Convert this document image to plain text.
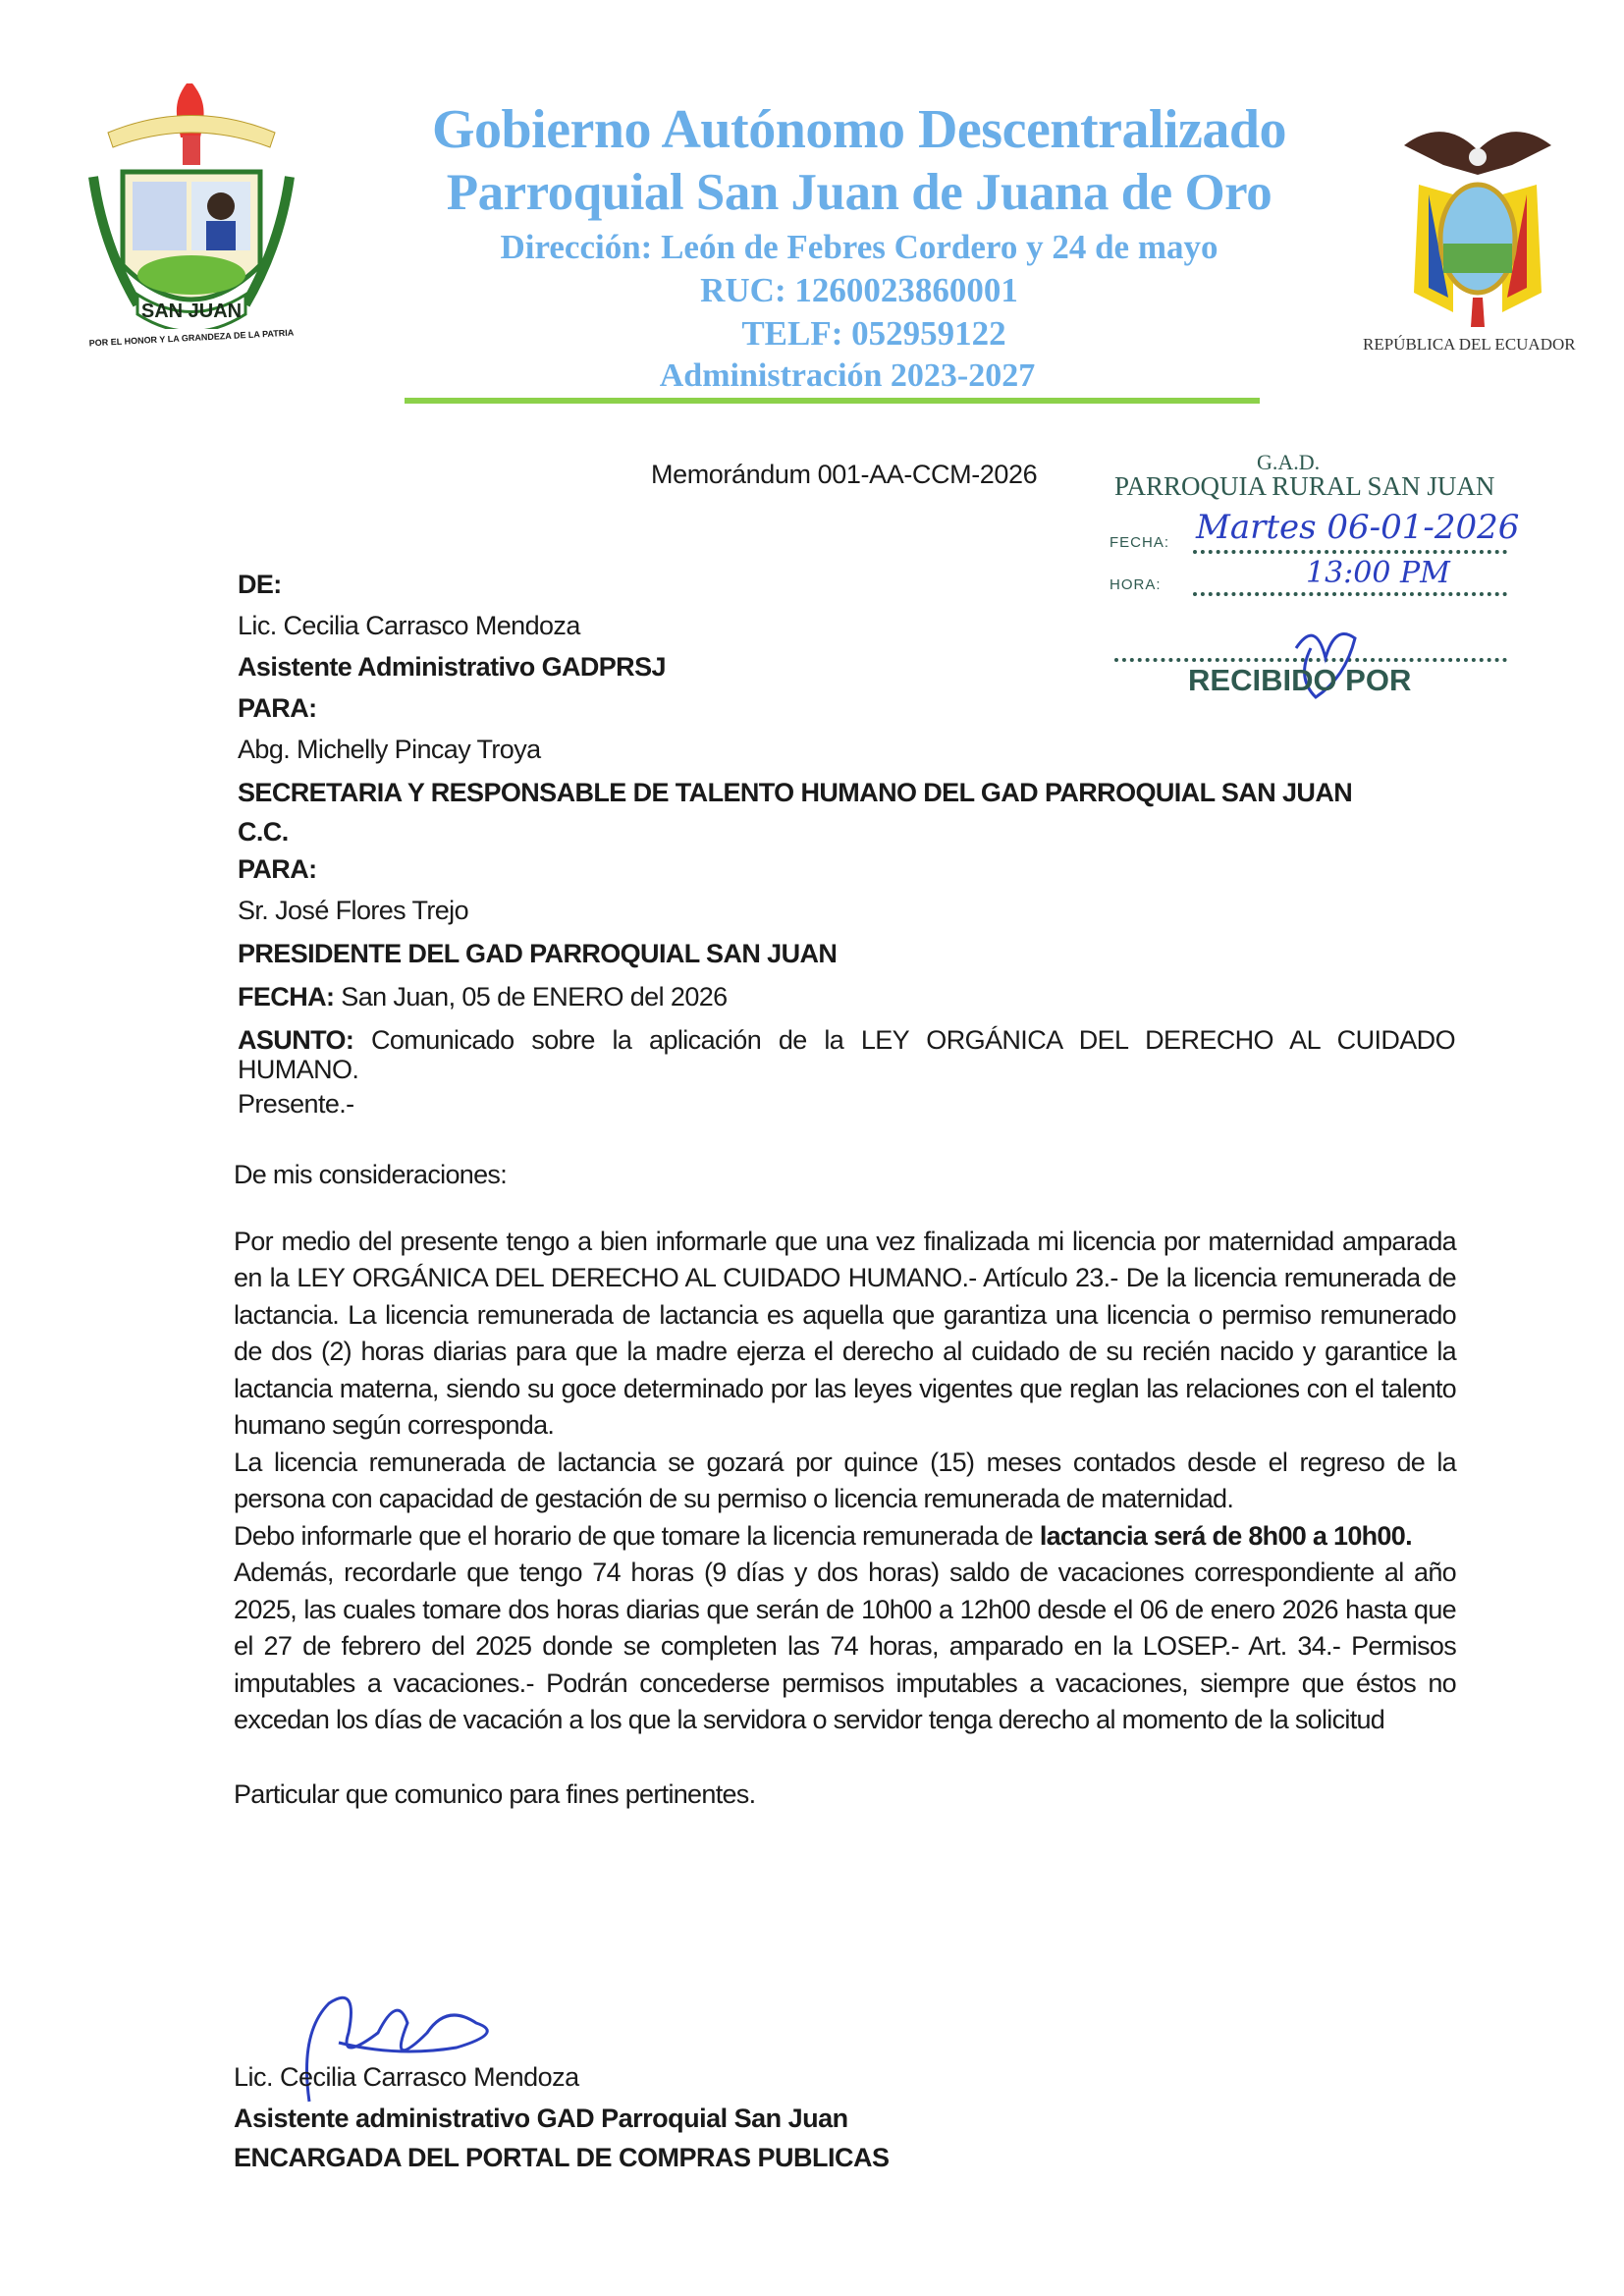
SAN JUAN
POR EL HONOR Y LA GRANDEZA DE LA PATRIA
Gobierno Autónomo Descentralizado
Parroquial San Juan de Juana de Oro
Dirección: León de Febres Cordero y 24 de mayo
RUC: 1260023860001
TELF: 052959122
Administración 2023-2027
REPÚBLICA DEL ECUADOR
Memorándum 001-AA-CCM-2026	G.A.D.
PARROQUIA RURAL SAN JUAN
FECHA: Martes 06-01-2026
HORA:	13:00 PM
RECIBIDO POR
DE:
Lic. Cecilia Carrasco Mendoza
Asistente Administrativo GADPRSJ
PARA:
Abg. Michelly Pincay Troya
SECRETARIA Y RESPONSABLE DE TALENTO HUMANO DEL GAD PARROQUIAL SAN JUAN
C.C.
PARA:
Sr. José Flores Trejo
PRESIDENTE DEL GAD PARROQUIAL SAN JUAN
FECHA: San Juan, 05 de ENERO del 2026
ASUNTO: Comunicado sobre la aplicación de la LEY ORGÁNICA DEL DERECHO AL CUIDADO HUMANO.
Presente.-

De mis consideraciones:

Por medio del presente tengo a bien informarle que una vez finalizada mi licencia por maternidad amparada en la LEY ORGÁNICA DEL DERECHO AL CUIDADO HUMANO.- Artículo 23.- De la licencia remunerada de lactancia. La licencia remunerada de lactancia es aquella que garantiza una licencia o permiso remunerado de dos (2) horas diarias para que la madre ejerza el derecho al cuidado de su recién nacido y garantice la lactancia materna, siendo su goce determinado por las leyes vigentes que reglan las relaciones con el talento humano según corresponda.

La licencia remunerada de lactancia se gozará por quince (15) meses contados desde el regreso de la persona con capacidad de gestación de su permiso o licencia remunerada de maternidad.

Debo informarle que el horario de que tomare la licencia remunerada de lactancia será de 8h00 a 10h00.

Además, recordarle que tengo 74 horas (9 días y dos horas) saldo de vacaciones correspondiente al año 2025, las cuales tomare dos horas diarias que serán de 10h00 a 12h00 desde el 06 de enero 2026 hasta que el 27 de febrero del 2025 donde se completen las 74 horas, amparado en la LOSEP.- Art. 34.- Permisos imputables a vacaciones.- Podrán concederse permisos imputables a vacaciones, siempre que éstos no excedan los días de vacación a los que la servidora o servidor tenga derecho al momento de la solicitud

Particular que comunico para fines pertinentes.

Lic. Cecilia Carrasco Mendoza
Asistente administrativo GAD Parroquial San Juan
ENCARGADA DEL PORTAL DE COMPRAS PUBLICAS
